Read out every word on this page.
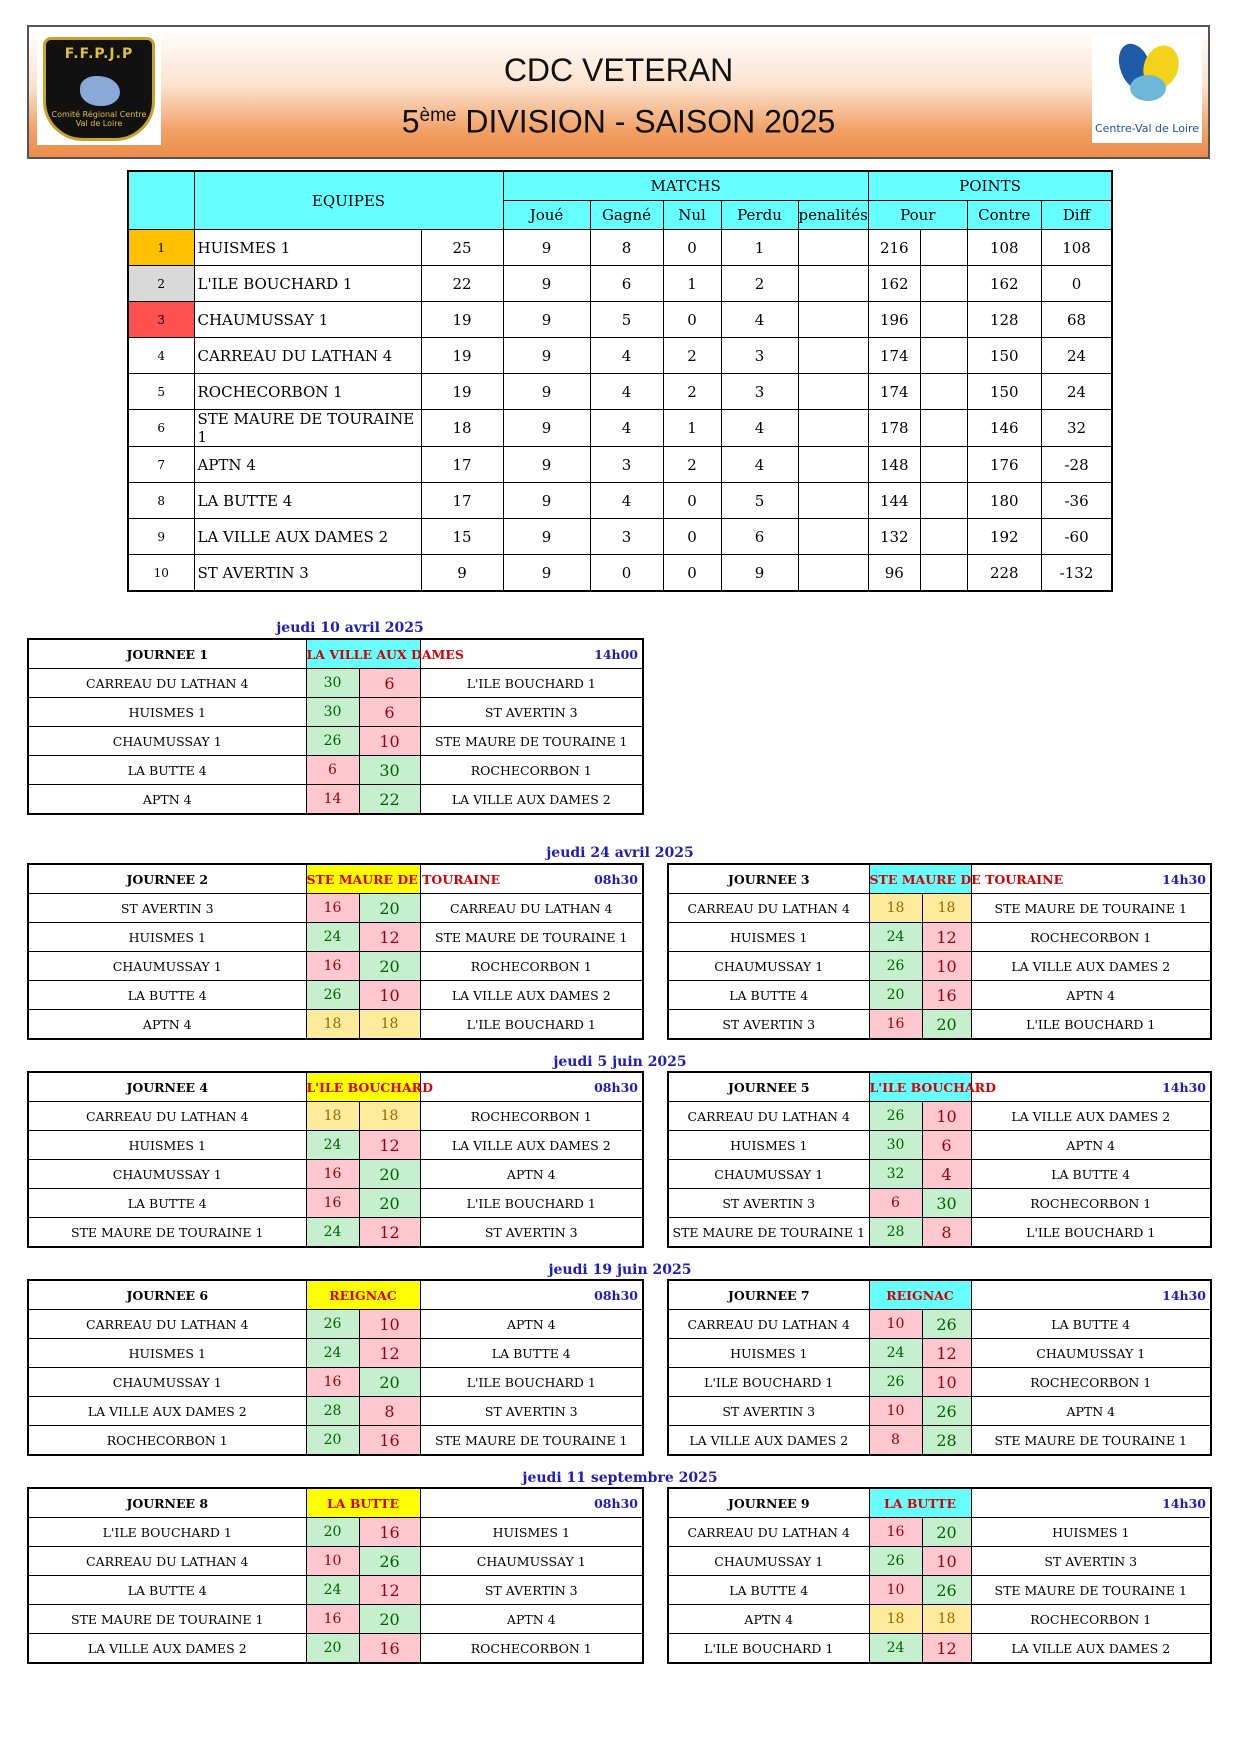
F.F.P.J.P
Comité Régional Centre Val de Loire
CDC VETERAN
5ème DIVISION - SAISON 2025	Centre-Val de Loire
	EQUIPES		MATCHS					POINTS			
			Joué	Gagné	Nul	Perdu	penalités	Pour		Contre	Diff
1	HUISMES 1	25	9	8	0	1		216		108	108
2	L'ILE BOUCHARD 1	22	9	6	1	2		162		162	0
3	CHAUMUSSAY 1	19	9	5	0	4		196		128	68
4	CARREAU DU LATHAN 4	19	9	4	2	3		174		150	24
5	ROCHECORBON 1	19	9	4	2	3		174		150	24
6	STE MAURE DE TOURAINE 1	18	9	4	1	4		178		146	32
7	APTN 4	17	9	3	2	4		148		176	-28
8	LA BUTTE 4	17	9	4	0	5		144		180	-36
9	LA VILLE AUX DAMES 2	15	9	3	0	6		132		192	-60
10	ST AVERTIN 3	9	9	0	0	9		96		228	-132
jeudi 10 avril 2025
jeudi 24 avril 2025
jeudi 5 juin 2025
jeudi 19 juin 2025
jeudi 11 septembre 2025
JOURNEE 1	LA VILLE AUX DAMES		14h00
CARREAU DU LATHAN 4	30	6	L'ILE BOUCHARD 1
HUISMES 1	30	6	ST AVERTIN 3
CHAUMUSSAY 1	26	10	STE MAURE DE TOURAINE 1
LA BUTTE 4	6	30	ROCHECORBON 1
APTN 4	14	22	LA VILLE AUX DAMES 2
JOURNEE 2	STE MAURE DE TOURAINE		08h30
ST AVERTIN 3	16	20	CARREAU DU LATHAN 4
HUISMES 1	24	12	STE MAURE DE TOURAINE 1
CHAUMUSSAY 1	16	20	ROCHECORBON 1
LA BUTTE 4	26	10	LA VILLE AUX DAMES 2
APTN 4	18	18	L'ILE BOUCHARD 1
JOURNEE 3	STE MAURE DE TOURAINE		14h30
CARREAU DU LATHAN 4	18	18	STE MAURE DE TOURAINE 1
HUISMES 1	24	12	ROCHECORBON 1
CHAUMUSSAY 1	26	10	LA VILLE AUX DAMES 2
LA BUTTE 4	20	16	APTN 4
ST AVERTIN 3	16	20	L'ILE BOUCHARD 1
JOURNEE 4	L'ILE BOUCHARD		08h30
CARREAU DU LATHAN 4	18	18	ROCHECORBON 1
HUISMES 1	24	12	LA VILLE AUX DAMES 2
CHAUMUSSAY 1	16	20	APTN 4
LA BUTTE 4	16	20	L'ILE BOUCHARD 1
STE MAURE DE TOURAINE 1	24	12	ST AVERTIN 3
JOURNEE 5	L'ILE BOUCHARD		14h30
CARREAU DU LATHAN 4	26	10	LA VILLE AUX DAMES 2
HUISMES 1	30	6	APTN 4
CHAUMUSSAY 1	32	4	LA BUTTE 4
ST AVERTIN 3	6	30	ROCHECORBON 1
STE MAURE DE TOURAINE 1	28	8	L'ILE BOUCHARD 1
JOURNEE 6	REIGNAC		08h30
CARREAU DU LATHAN 4	26	10	APTN 4
HUISMES 1	24	12	LA BUTTE 4
CHAUMUSSAY 1	16	20	L'ILE BOUCHARD 1
LA VILLE AUX DAMES 2	28	8	ST AVERTIN 3
ROCHECORBON 1	20	16	STE MAURE DE TOURAINE 1
JOURNEE 7	REIGNAC		14h30
CARREAU DU LATHAN 4	10	26	LA BUTTE 4
HUISMES 1	24	12	CHAUMUSSAY 1
L'ILE BOUCHARD 1	26	10	ROCHECORBON 1
ST AVERTIN 3	10	26	APTN 4
LA VILLE AUX DAMES 2	8	28	STE MAURE DE TOURAINE 1
JOURNEE 8	LA BUTTE		08h30
L'ILE BOUCHARD 1	20	16	HUISMES 1
CARREAU DU LATHAN 4	10	26	CHAUMUSSAY 1
LA BUTTE 4	24	12	ST AVERTIN 3
STE MAURE DE TOURAINE 1	16	20	APTN 4
LA VILLE AUX DAMES 2	20	16	ROCHECORBON 1
JOURNEE 9	LA BUTTE		14h30
CARREAU DU LATHAN 4	16	20	HUISMES 1
CHAUMUSSAY 1	26	10	ST AVERTIN 3
LA BUTTE 4	10	26	STE MAURE DE TOURAINE 1
APTN 4	18	18	ROCHECORBON 1
L'ILE BOUCHARD 1	24	12	LA VILLE AUX DAMES 2
